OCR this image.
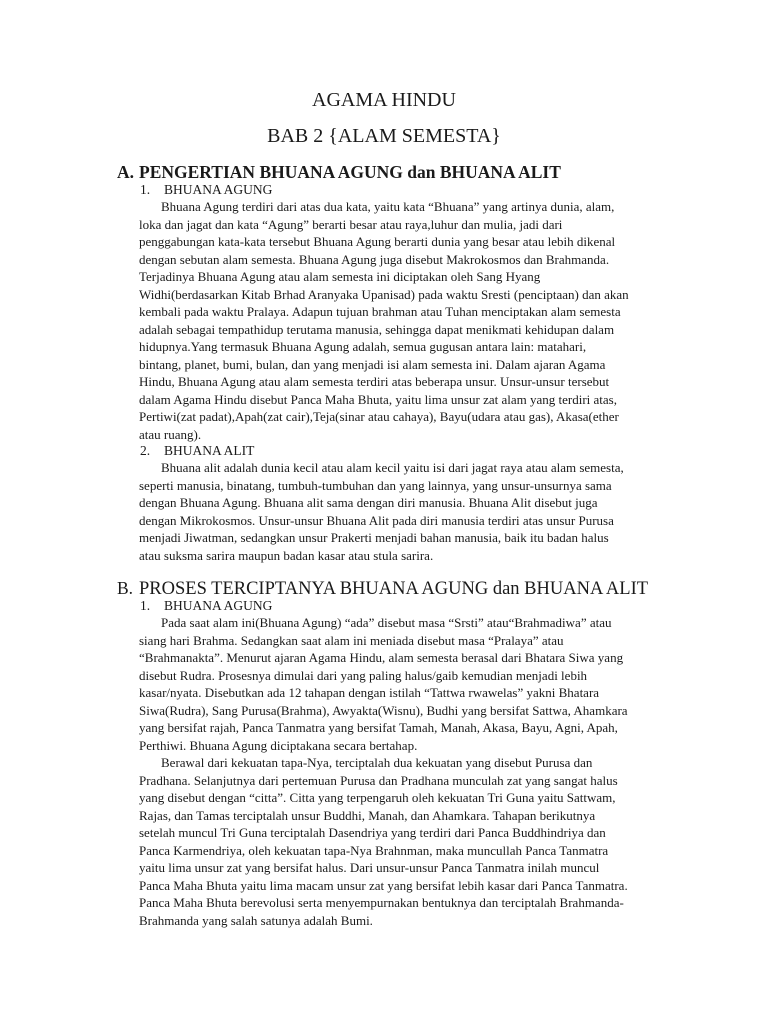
AGAMA HINDU
BAB 2 {ALAM SEMESTA}
A. PENGERTIAN BHUANA AGUNG dan BHUANA ALIT
1. BHUANA AGUNG
Bhuana Agung terdiri dari atas dua kata, yaitu kata “Bhuana” yang artinya dunia, alam,
loka dan jagat dan kata “Agung” berarti besar atau raya,luhur dan mulia, jadi dari
penggabungan kata-kata tersebut Bhuana Agung berarti dunia yang besar atau lebih dikenal
dengan sebutan alam semesta. Bhuana Agung juga disebut Makrokosmos dan Brahmanda.
Terjadinya Bhuana Agung atau alam semesta ini diciptakan oleh Sang Hyang
Widhi(berdasarkan Kitab Brhad Aranyaka Upanisad) pada waktu Sresti (penciptaan) dan akan
kembali pada waktu Pralaya. Adapun tujuan brahman atau Tuhan menciptakan alam semesta
adalah sebagai tempathidup terutama manusia, sehingga dapat menikmati kehidupan dalam
hidupnya.Yang termasuk Bhuana Agung adalah, semua gugusan antara lain: matahari,
bintang, planet, bumi, bulan, dan yang menjadi isi alam semesta ini. Dalam ajaran Agama
Hindu, Bhuana Agung atau alam semesta terdiri atas beberapa unsur. Unsur-unsur tersebut
dalam Agama Hindu disebut Panca Maha Bhuta, yaitu lima unsur zat alam yang terdiri atas,
Pertiwi(zat padat),Apah(zat cair),Teja(sinar atau cahaya), Bayu(udara atau gas), Akasa(ether
atau ruang).
2. BHUANA ALIT
Bhuana alit adalah dunia kecil atau alam kecil yaitu isi dari jagat raya atau alam semesta,
seperti manusia, binatang, tumbuh-tumbuhan dan yang lainnya, yang unsur-unsurnya sama
dengan Bhuana Agung. Bhuana alit sama dengan diri manusia. Bhuana Alit disebut juga
dengan Mikrokosmos. Unsur-unsur Bhuana Alit pada diri manusia terdiri atas unsur Purusa
menjadi Jiwatman, sedangkan unsur Prakerti menjadi bahan manusia, baik itu badan halus
atau suksma sarira maupun badan kasar atau stula sarira.
B. PROSES TERCIPTANYA BHUANA AGUNG dan BHUANA ALIT
1. BHUANA AGUNG
Pada saat alam ini(Bhuana Agung) “ada” disebut masa “Srsti” atau“Brahmadiwa” atau
siang hari Brahma. Sedangkan saat alam ini meniada disebut masa “Pralaya” atau
“Brahmanakta”. Menurut ajaran Agama Hindu, alam semesta berasal dari Bhatara Siwa yang
disebut Rudra. Prosesnya dimulai dari yang paling halus/gaib kemudian menjadi lebih
kasar/nyata. Disebutkan ada 12 tahapan dengan istilah “Tattwa rwawelas” yakni Bhatara
Siwa(Rudra), Sang Purusa(Brahma), Awyakta(Wisnu), Budhi yang bersifat Sattwa, Ahamkara
yang bersifat rajah, Panca Tanmatra yang bersifat Tamah, Manah, Akasa, Bayu, Agni, Apah,
Perthiwi. Bhuana Agung diciptakana secara bertahap.
Berawal dari kekuatan tapa-Nya, terciptalah dua kekuatan yang disebut Purusa dan
Pradhana. Selanjutnya dari pertemuan Purusa dan Pradhana munculah zat yang sangat halus
yang disebut dengan “citta”. Citta yang terpengaruh oleh kekuatan Tri Guna yaitu Sattwam,
Rajas, dan Tamas terciptalah unsur Buddhi, Manah, dan Ahamkara. Tahapan berikutnya
setelah muncul Tri Guna terciptalah Dasendriya yang terdiri dari Panca Buddhindriya dan
Panca Karmendriya, oleh kekuatan tapa-Nya Brahnman, maka muncullah Panca Tanmatra
yaitu lima unsur zat yang bersifat halus. Dari unsur-unsur Panca Tanmatra inilah muncul
Panca Maha Bhuta yaitu lima macam unsur zat yang bersifat lebih kasar dari Panca Tanmatra.
Panca Maha Bhuta berevolusi serta menyempurnakan bentuknya dan terciptalah Brahmanda-
Brahmanda yang salah satunya adalah Bumi.
